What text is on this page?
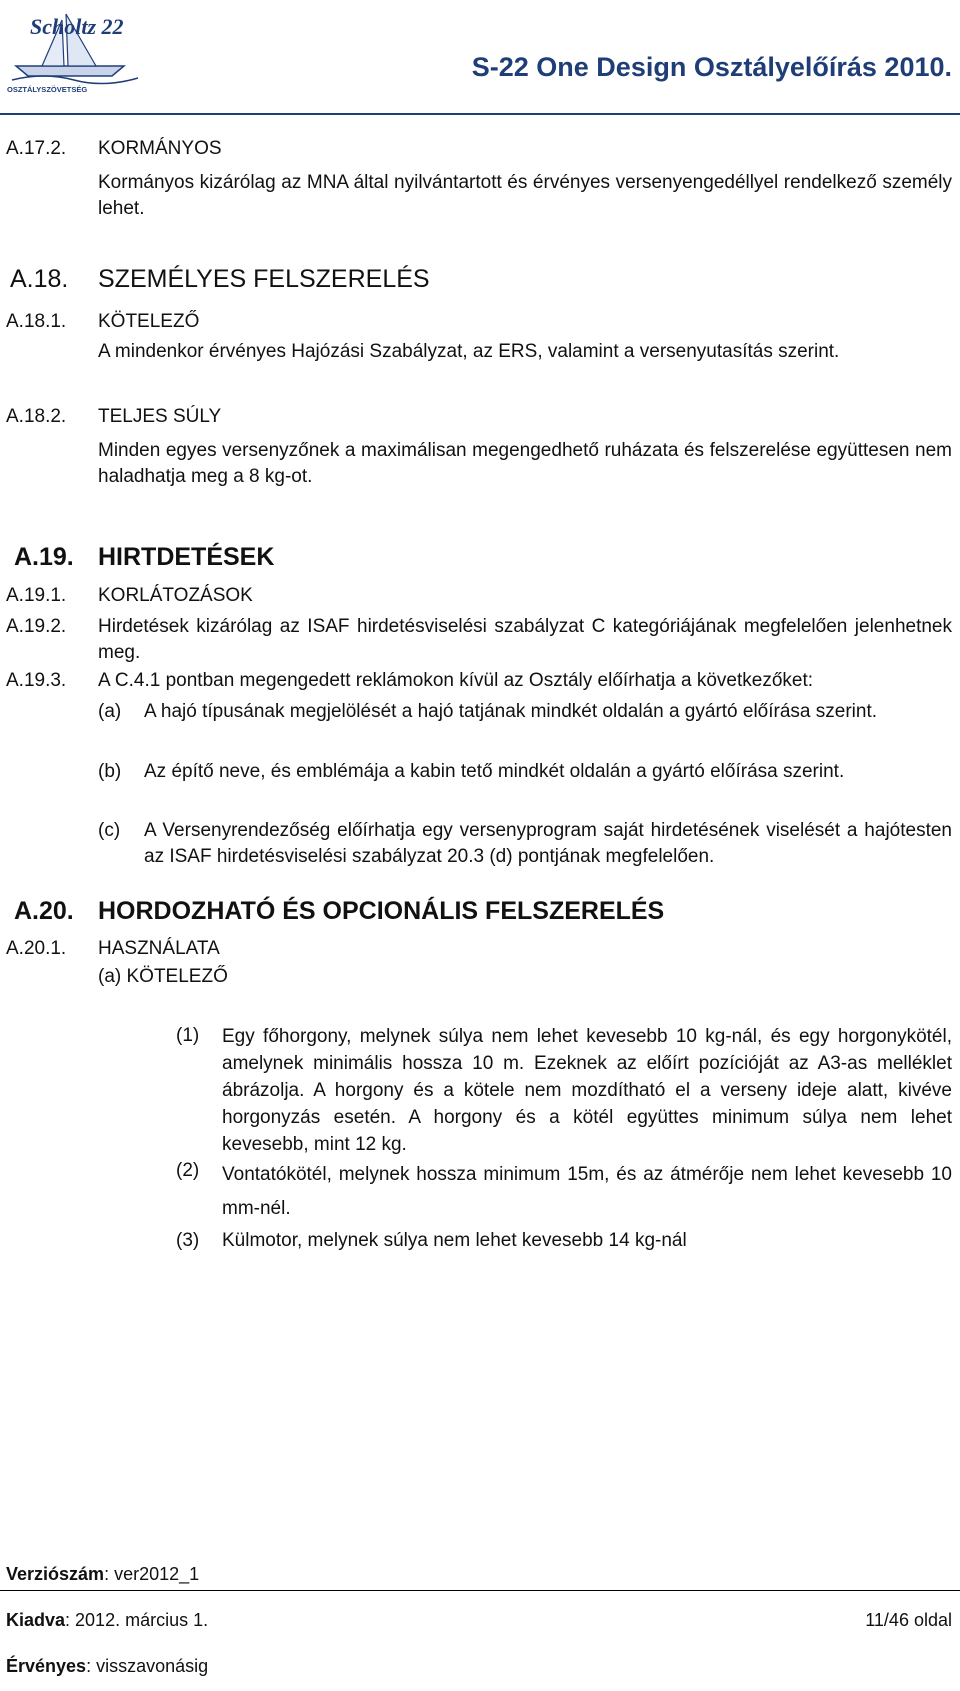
Scholtz 22
OSZTÁLYSZÖVETSÉG
S-22 One Design Osztályelőírás 2010.
A.17.2. KORMÁNYOS
Kormányos kizárólag az MNA által nyilvántartott és érvényes versenyengedéllyel rendelkező személy lehet.
A.18. SZEMÉLYES FELSZERELÉS
A.18.1. KÖTELEZŐ
A mindenkor érvényes Hajózási Szabályzat, az ERS, valamint a versenyutasítás szerint.
A.18.2. TELJES SÚLY
Minden egyes versenyzőnek a maximálisan megengedhető ruházata és felszerelése együttesen nem haladhatja meg a 8 kg-ot.
A.19. HIRTDETÉSEK
A.19.1. KORLÁTOZÁSOK
A.19.2. Hirdetések kizárólag az ISAF hirdetésviselési szabályzat C kategóriájának megfelelően jelenhetnek meg.
A.19.3. A C.4.1 pontban megengedett reklámokon kívül az Osztály előírhatja a következőket:
(a) A hajó típusának megjelölését a hajó tatjának mindkét oldalán a gyártó előírása szerint.
(b) Az építő neve, és emblémája a kabin tető mindkét oldalán a gyártó előírása szerint.
(c) A Versenyrendezőség előírhatja egy versenyprogram saját hirdetésének viselését a hajótesten az ISAF hirdetésviselési szabályzat 20.3 (d) pontjának megfelelően.
A.20. HORDOZHATÓ ÉS OPCIONÁLIS FELSZERELÉS
A.20.1. HASZNÁLATA
(a) KÖTELEZŐ
(1) Egy főhorgony, melynek súlya nem lehet kevesebb 10 kg-nál, és egy horgonykötél, amelynek minimális hossza 10 m. Ezeknek az előírt pozícióját az A3-as melléklet ábrázolja. A horgony és a kötele nem mozdítható el a verseny ideje alatt, kivéve horgonyzás esetén. A horgony és a kötél együttes minimum súlya nem lehet kevesebb, mint 12 kg.
(2) Vontatókötél, melynek hossza minimum 15m, és az átmérője nem lehet kevesebb 10 mm-nél.
(3) Külmotor, melynek súlya nem lehet kevesebb 14 kg-nál
Verziószám: ver2012_1
Kiadva: 2012. március 1.	11/46 oldal
Érvényes: visszavonásig
